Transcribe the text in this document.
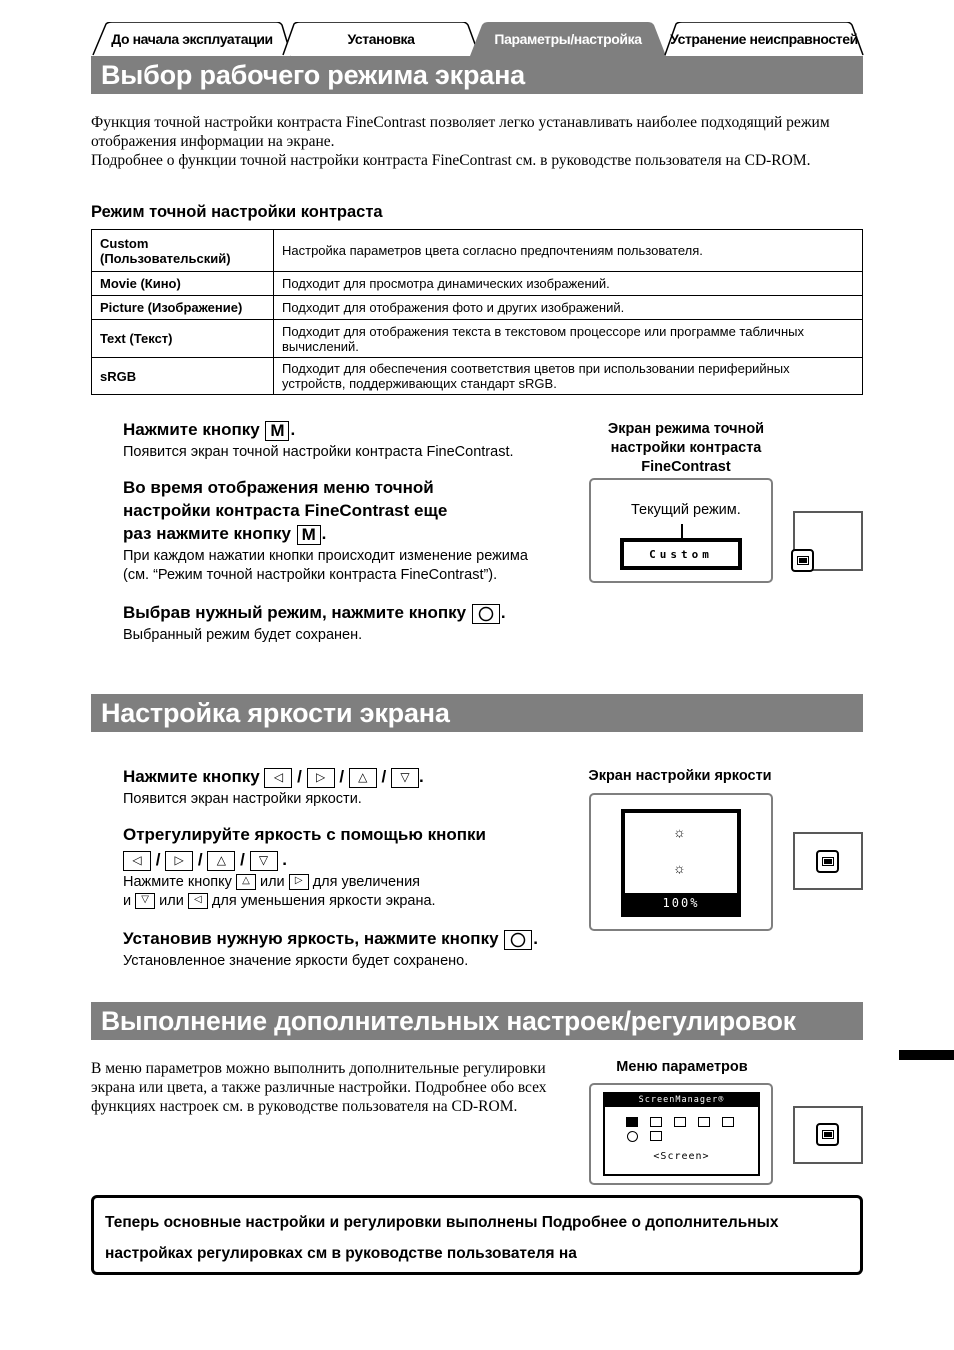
До начала эксплуатации	Установка	Параметры/настройка Устранение неисправностей
Выбор рабочего режима экрана
Функция точной настройки контраста FineContrast позволяет легко устанавливать наиболее подходящий режим отображения информации на экране.
Подробнее о функции точной настройки контраста FineContrast см. в руководстве пользователя на CD-ROM.
Режим точной настройки контраста
Custom (Пользовательский)	Настройка параметров цвета согласно предпочтениям пользователя.
Movie (Кино)	Подходит для просмотра динамических изображений.
Picture (Изображение)	Подходит для отображения фото и других изображений.
Text (Текст)	Подходит для отображения текста в текстовом процессоре или программе табличных вычислений.
sRGB	Подходит для обеспечения соответствия цветов при использовании периферийных устройств, поддерживающих стандарт sRGB.
Нажмите кнопку M .
Появится экран точной настройки контраста FineContrast.
Во время отображения меню точной
настройки контраста FineContrast еще
раз нажмите кнопку M .
При каждом нажатии кнопки происходит изменение режима (см. “Режим точной настройки контраста FineContrast”).
Выбрав нужный режим, нажмите кнопку .
Выбранный режим будет сохранен.
Экран режима точной настройки контраста FineContrast
Текущий режим.
Custom
Настройка яркости экрана
Нажмите кнопку ◁ / ▷ / △ / ▽ .
Появится экран настройки яркости.
Отрегулируйте яркость с помощью кнопки
◁ / ▷ / △ / ▽ .
Нажмите кнопку △ или ▷ для увеличения
и ▽ или ◁ для уменьшения яркости экрана.
Установив нужную яркость, нажмите кнопку .
Установленное значение яркости будет сохранено.
Экран настройки яркости
☼
☼
100%
Выполнение дополнительных настроек/регулировок
В меню параметров можно выполнить дополнительные регулировки экрана или цвета, а также различные настройки. Подробнее обо всех функциях настроек см. в руководстве пользователя на CD-ROM.
Меню параметров
ScreenManager®
<Screen>
Теперь основные настройки и регулировки выполнены Подробнее о дополнительных настройках регулировках см в руководстве пользователя на
